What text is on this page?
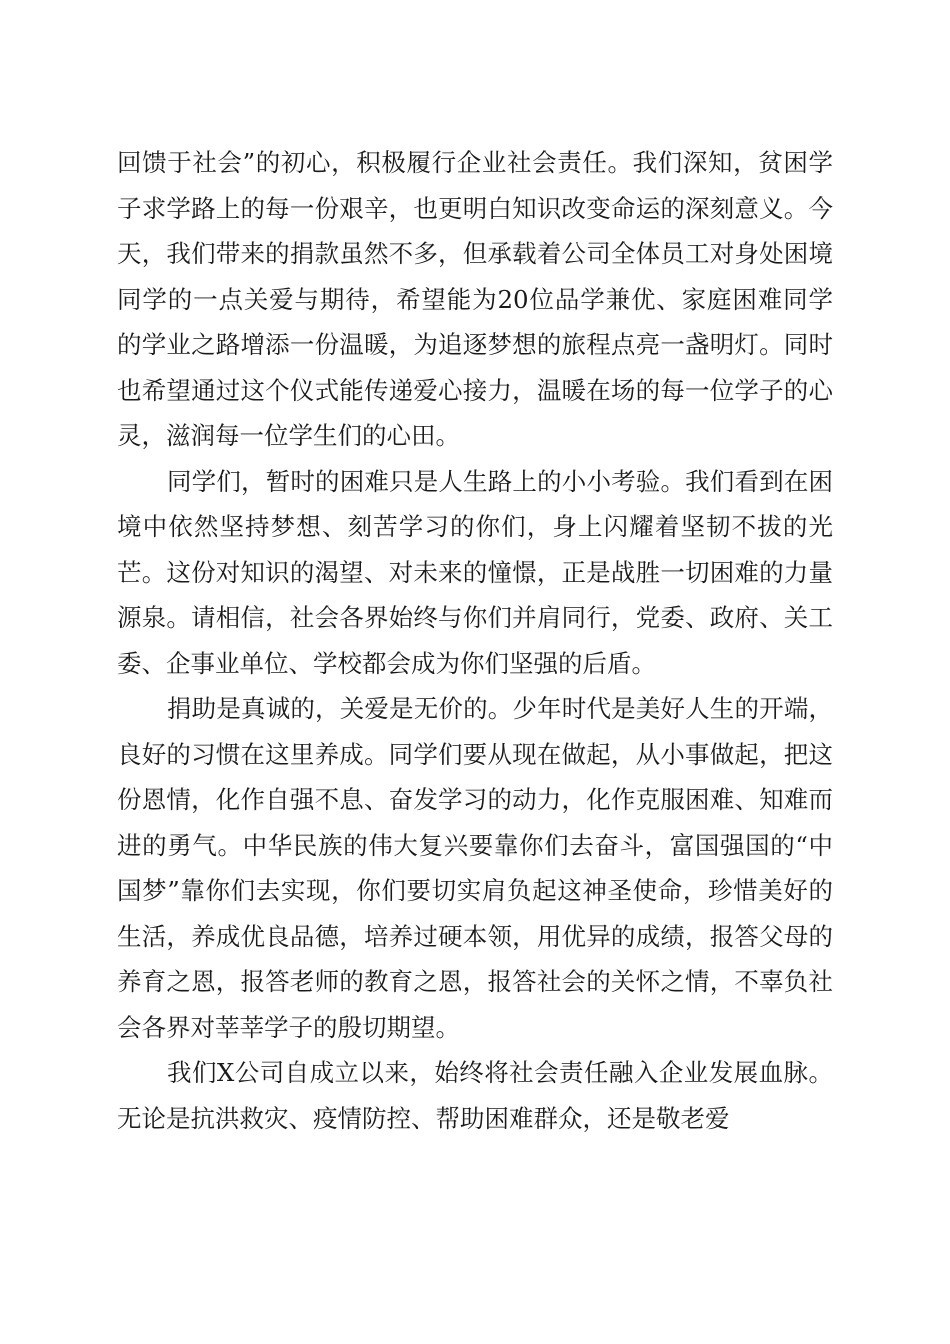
回馈于社会”的初心，积极履行企业社会责任。我们深知，贫困学子求学路上的每一份艰辛，也更明白知识改变命运的深刻意义。今天，我们带来的捐款虽然不多，但承载着公司全体员工对身处困境同学的一点关爱与期待，希望能为20位品学兼优、家庭困难同学的学业之路增添一份温暖，为追逐梦想的旅程点亮一盏明灯。同时也希望通过这个仪式能传递爱心接力，温暖在场的每一位学子的心灵，滋润每一位学生们的心田。

同学们，暂时的困难只是人生路上的小小考验。我们看到在困境中依然坚持梦想、刻苦学习的你们，身上闪耀着坚韧不拔的光芒。这份对知识的渴望、对未来的憧憬，正是战胜一切困难的力量源泉。请相信，社会各界始终与你们并肩同行，党委、政府、关工委、企事业单位、学校都会成为你们坚强的后盾。

捐助是真诚的，关爱是无价的。少年时代是美好人生的开端，良好的习惯在这里养成。同学们要从现在做起，从小事做起，把这份恩情，化作自强不息、奋发学习的动力，化作克服困难、知难而进的勇气。中华民族的伟大复兴要靠你们去奋斗，富国强国的“中国梦”靠你们去实现，你们要切实肩负起这神圣使命，珍惜美好的生活，养成优良品德，培养过硬本领，用优异的成绩，报答父母的养育之恩，报答老师的教育之恩，报答社会的关怀之情，不辜负社会各界对莘莘学子的殷切期望。

我们X公司自成立以来，始终将社会责任融入企业发展血脉。无论是抗洪救灾、疫情防控、帮助困难群众，还是敬老爱
